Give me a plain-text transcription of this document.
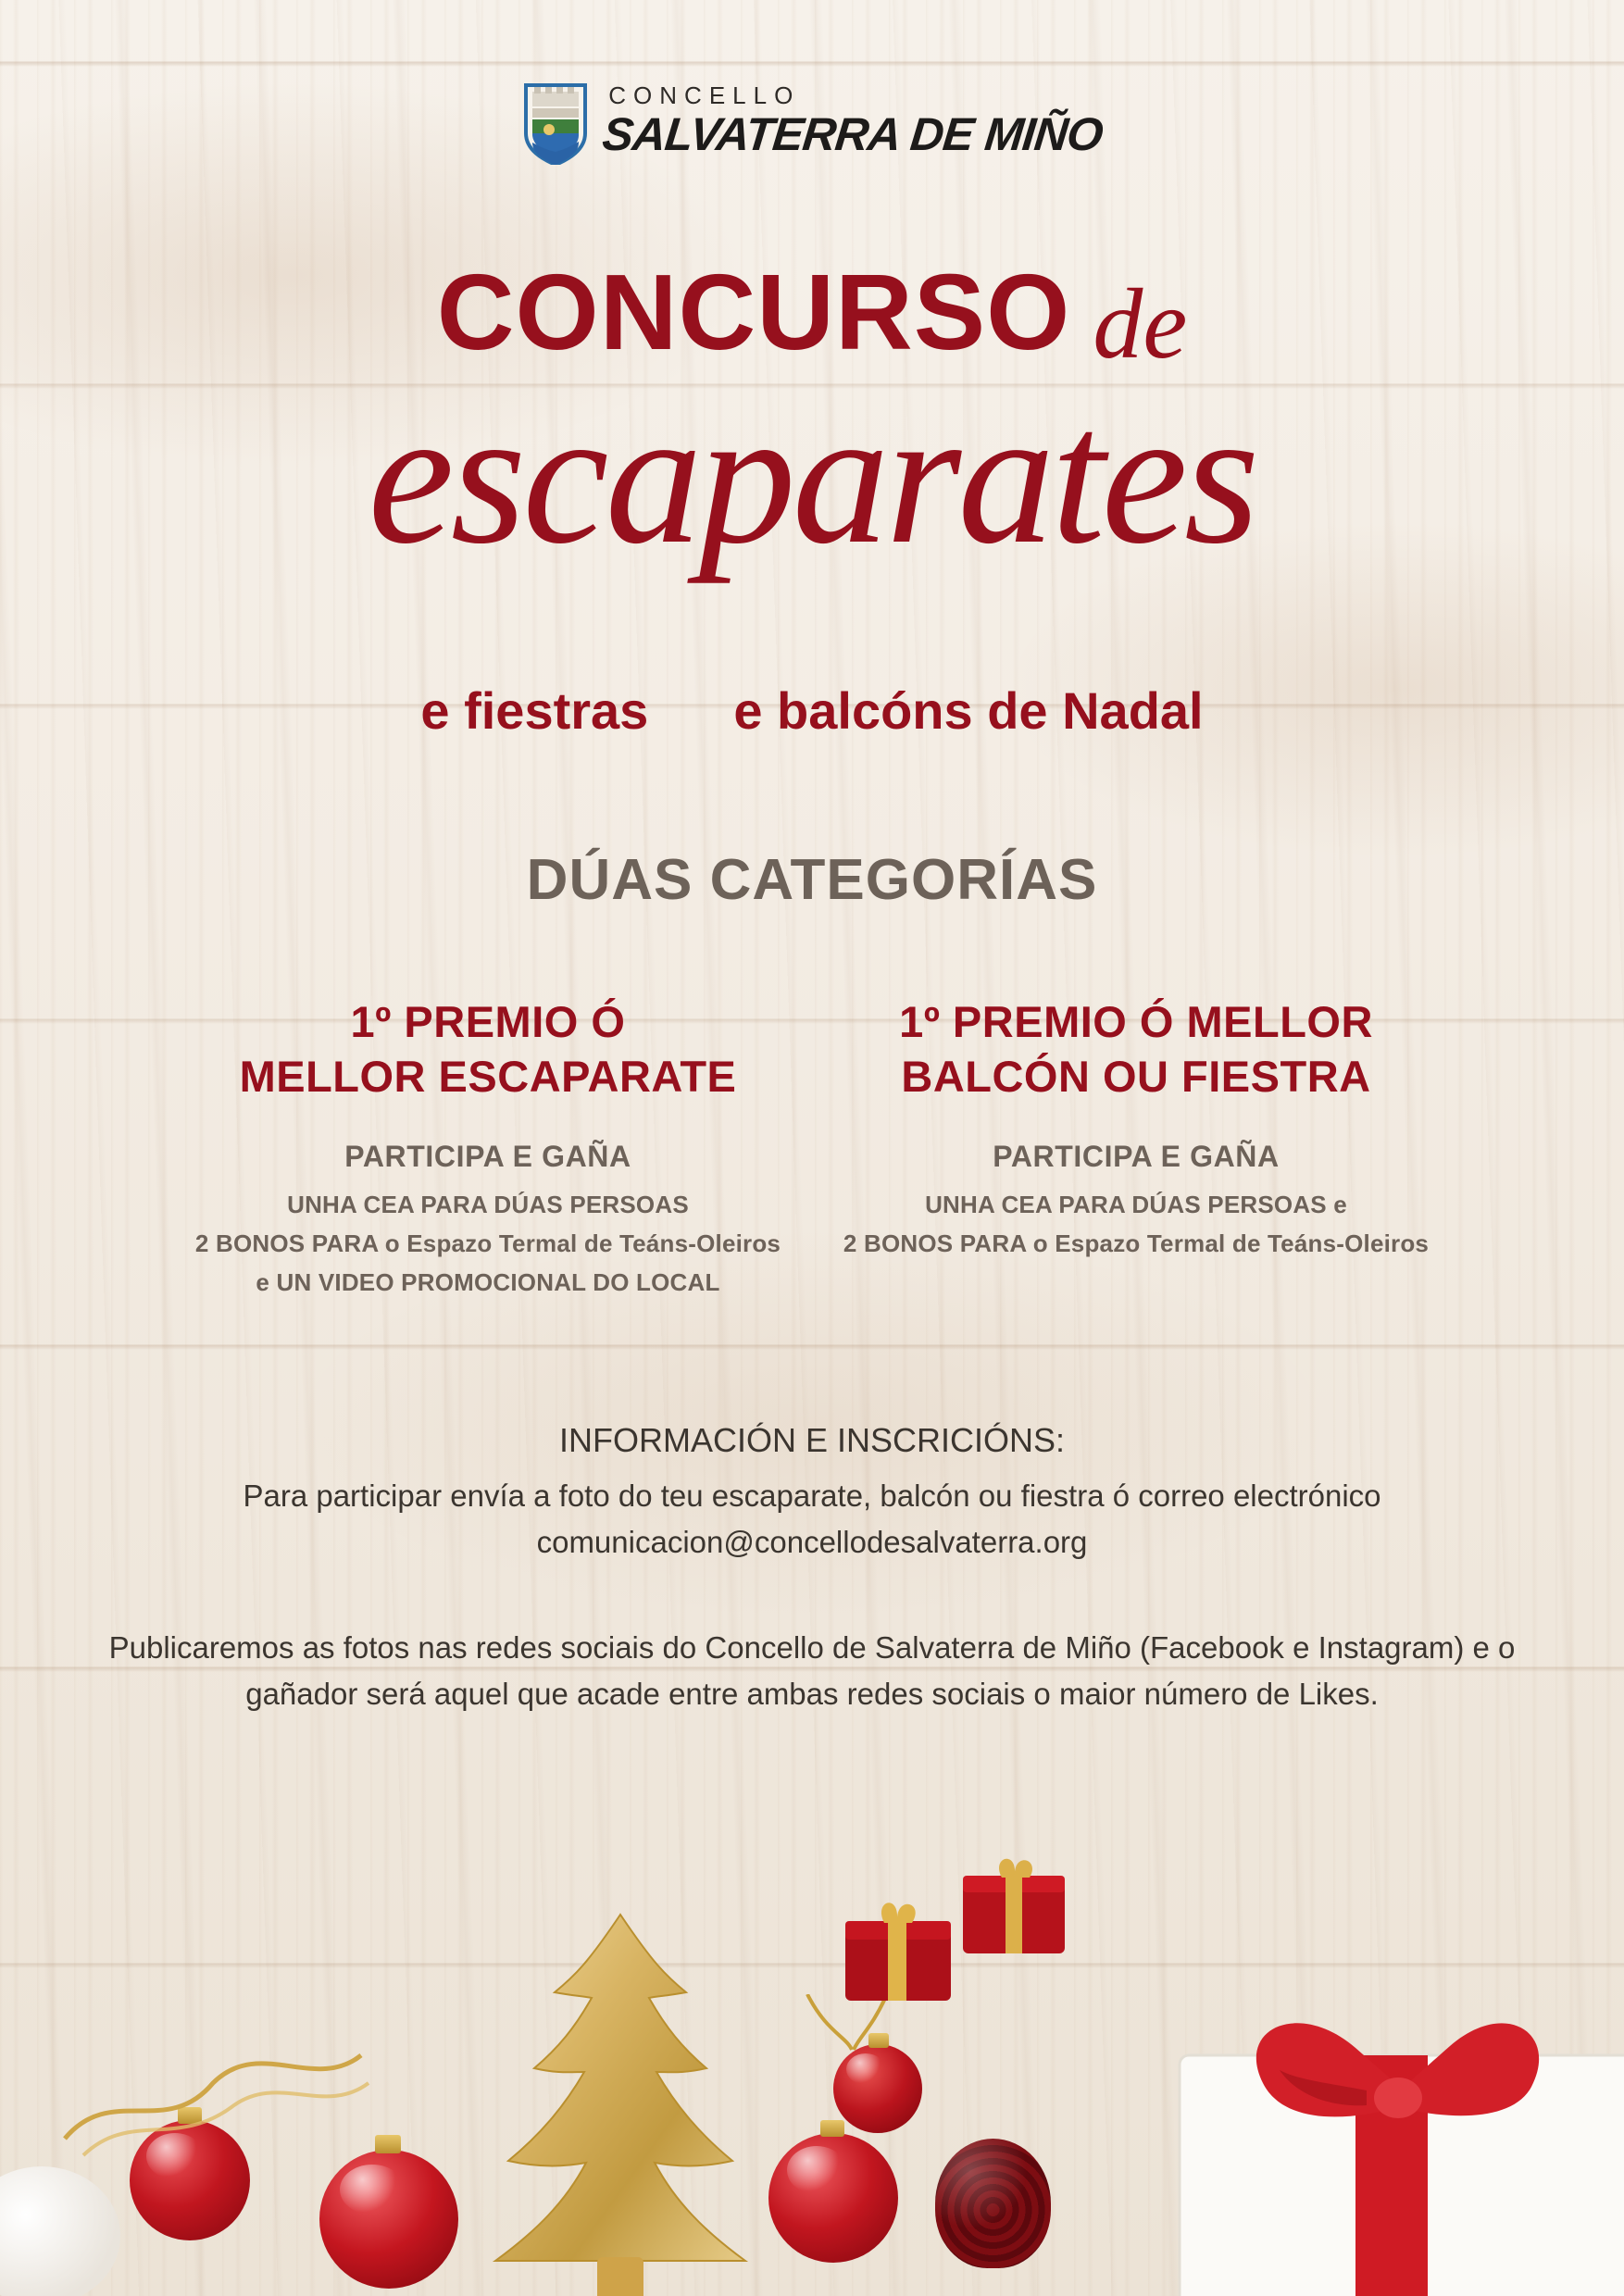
CONCELLO
SALVATERRA DE MIÑO
CONCURSO de
escaparates
e fiestras e balcóns de Nadal
DÚAS CATEGORÍAS
1º PREMIO Ó
MELLOR ESCAPARATE
PARTICIPA E GAÑA
UNHA CEA PARA DÚAS PERSOAS
2 BONOS PARA o Espazo Termal de Teáns-Oleiros
e UN VIDEO PROMOCIONAL DO LOCAL
1º PREMIO Ó MELLOR
BALCÓN OU FIESTRA
PARTICIPA E GAÑA
UNHA CEA PARA DÚAS PERSOAS e
2 BONOS PARA o Espazo Termal de Teáns-Oleiros
INFORMACIÓN E INSCRICIÓNS:
Para participar envía a foto do teu escaparate, balcón ou fiestra ó correo electrónico
comunicacion@concellodesalvaterra.org
Publicaremos as fotos nas redes sociais do Concello de Salvaterra de Miño (Facebook e Instagram) e o gañador será aquel que acade entre ambas redes sociais o maior número de Likes.
